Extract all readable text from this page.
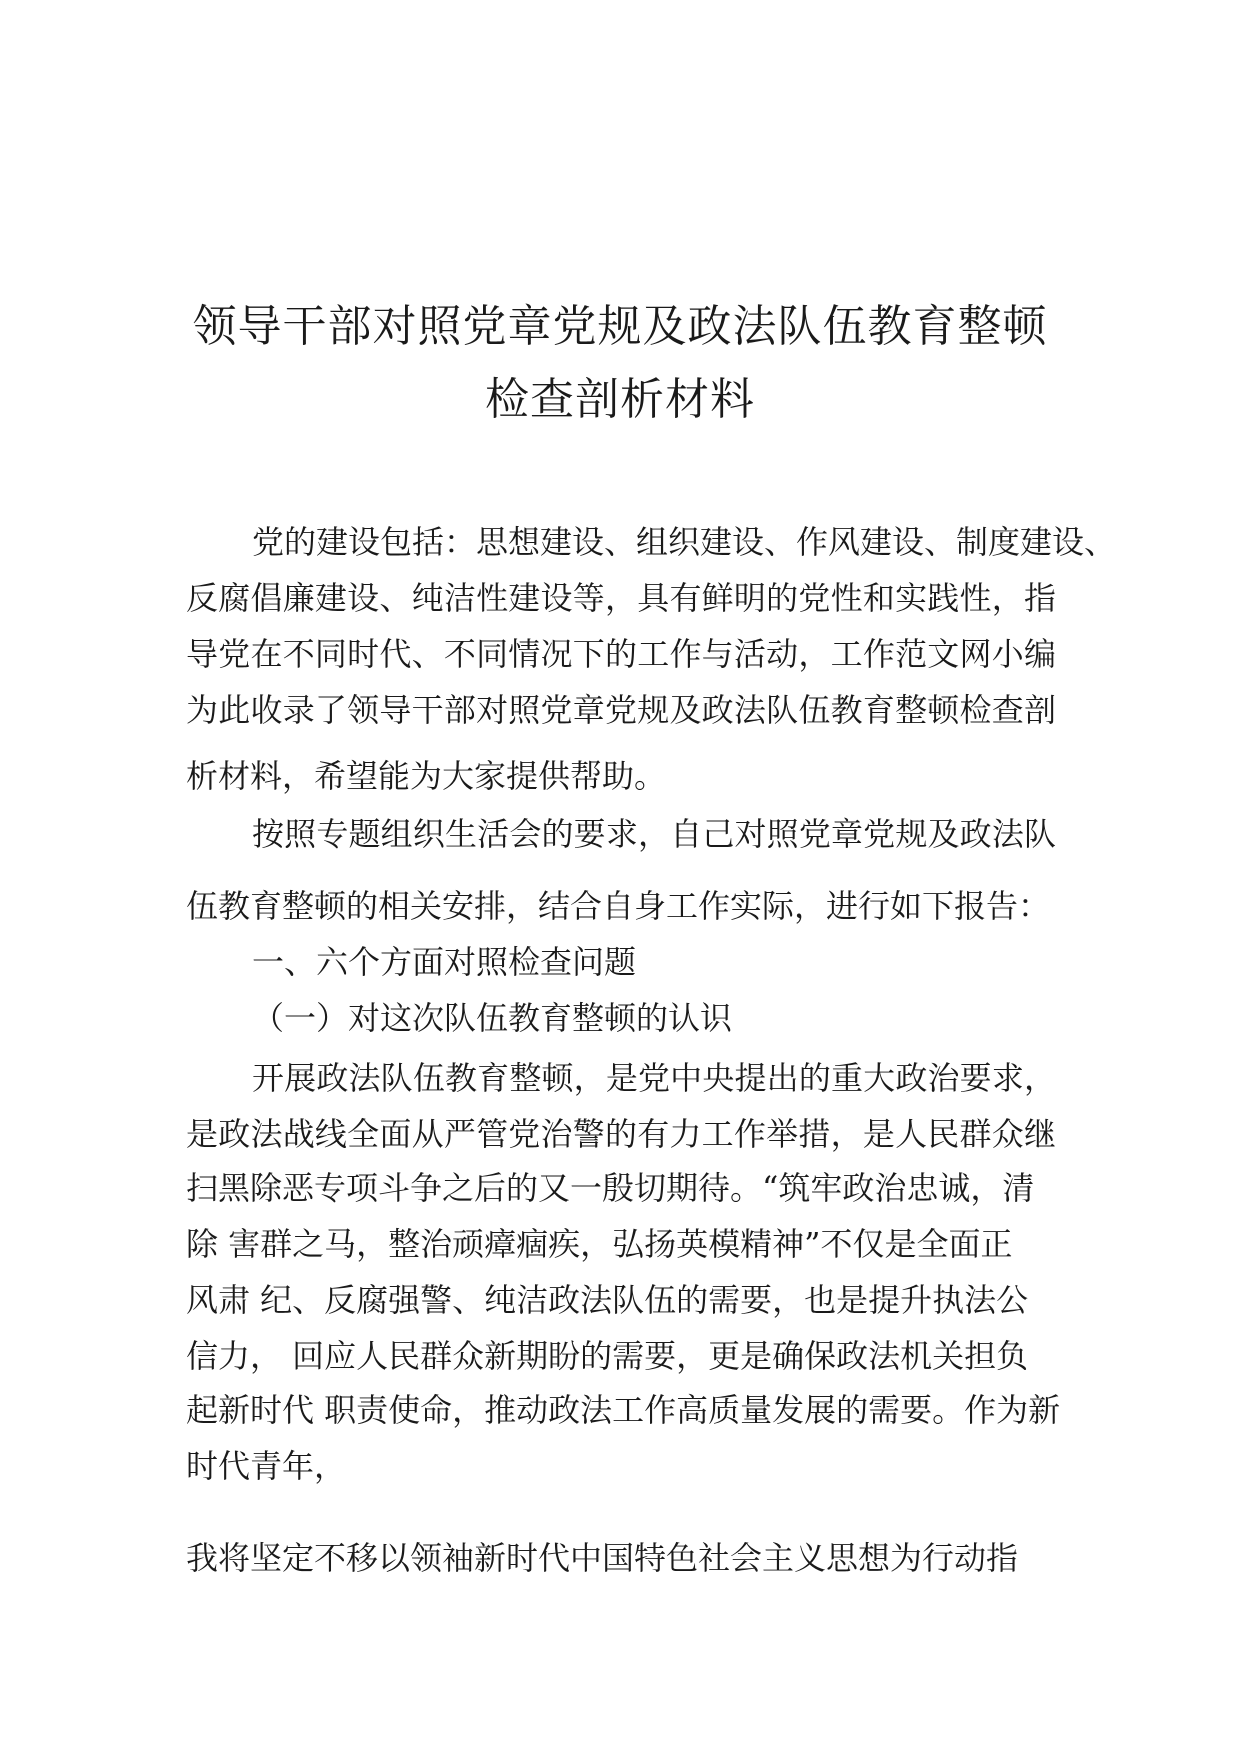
领导干部对照党章党规及政法队伍教育整顿
检查剖析材料
党的建设包括：思想建设、组织建设、作风建设、制度建设、
反腐倡廉建设、纯洁性建设等，具有鲜明的党性和实践性，指
导党在不同时代、不同情况下的工作与活动，工作范文网小编
为此收录了领导干部对照党章党规及政法队伍教育整顿检查剖
析材料，希望能为大家提供帮助。
按照专题组织生活会的要求，自己对照党章党规及政法队
伍教育整顿的相关安排，结合自身工作实际，进行如下报告：
一、六个方面对照检查问题
（一）对这次队伍教育整顿的认识
开展政法队伍教育整顿，是党中央提出的重大政治要求，
是政法战线全面从严管党治警的有力工作举措，是人民群众继
扫黑除恶专项斗争之后的又一殷切期待。“筑牢政治忠诚，清
除 害群之马，整治顽瘴痼疾，弘扬英模精神”不仅是全面正
风肃 纪、反腐强警、纯洁政法队伍的需要，也是提升执法公
信力， 回应人民群众新期盼的需要，更是确保政法机关担负
起新时代 职责使命，推动政法工作高质量发展的需要。作为新
时代青年，
我将坚定不移以领袖新时代中国特色社会主义思想为行动指
